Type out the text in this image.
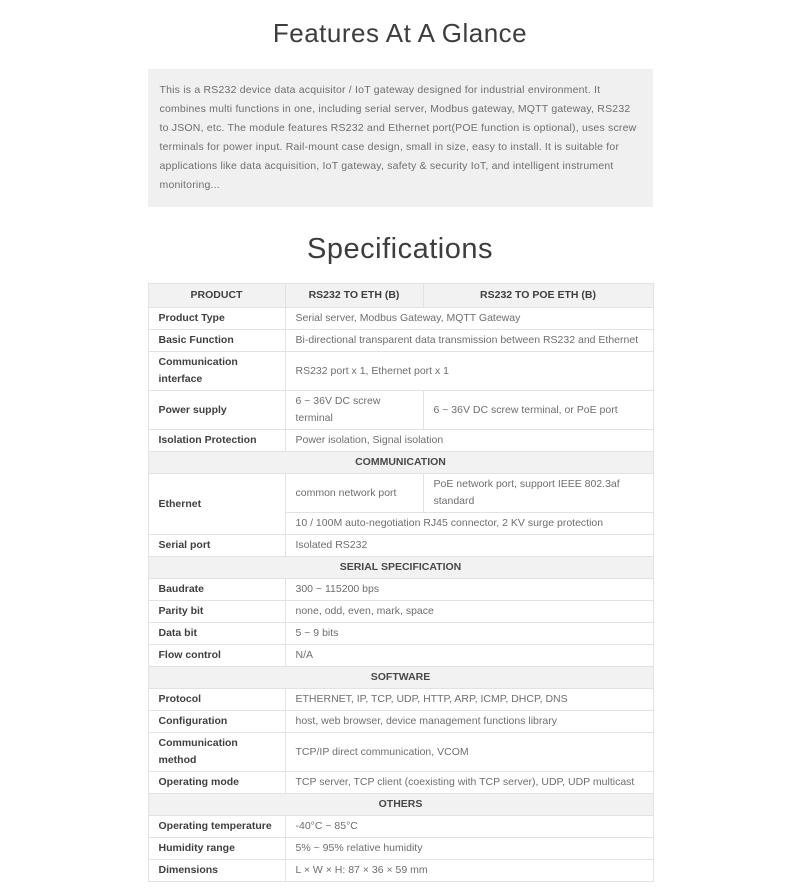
Features At A Glance
This is a RS232 device data acquisitor / IoT gateway designed for industrial environment. It combines multi functions in one, including serial server, Modbus gateway, MQTT gateway, RS232 to JSON, etc. The module features RS232 and Ethernet port(POE function is optional), uses screw terminals for power input. Rail-mount case design, small in size, easy to install. It is suitable for applications like data acquisition, IoT gateway, safety & security IoT, and intelligent instrument monitoring...
Specifications
PRODUCT	RS232 TO ETH (B)	RS232 TO POE ETH (B)
Product Type	Serial server, Modbus Gateway, MQTT Gateway	
Basic Function	Bi-directional transparent data transmission between RS232 and Ethernet	
Communication interface	RS232 port x 1, Ethernet port x 1	
Power supply	6 ~ 36V DC screw terminal	6 ~ 36V DC screw terminal, or PoE port
Isolation Protection	Power isolation, Signal isolation	
COMMUNICATION		
Ethernet	common network port	PoE network port, support IEEE 802.3af standard
	10 / 100M auto-negotiation RJ45 connector, 2 KV surge protection	
Serial port	Isolated RS232	
SERIAL SPECIFICATION		
Baudrate	300 ~ 115200 bps	
Parity bit	none, odd, even, mark, space	
Data bit	5 ~ 9 bits	
Flow control	N/A	
SOFTWARE		
Protocol	ETHERNET, IP, TCP, UDP, HTTP, ARP, ICMP, DHCP, DNS	
Configuration	host, web browser, device management functions library	
Communication method	TCP/IP direct communication, VCOM	
Operating mode	TCP server, TCP client (coexisting with TCP server), UDP, UDP multicast	
OTHERS		
Operating temperature	-40°C ~ 85°C	
Humidity range	5% ~ 95% relative humidity	
Dimensions	L × W × H: 87 × 36 × 59 mm	
